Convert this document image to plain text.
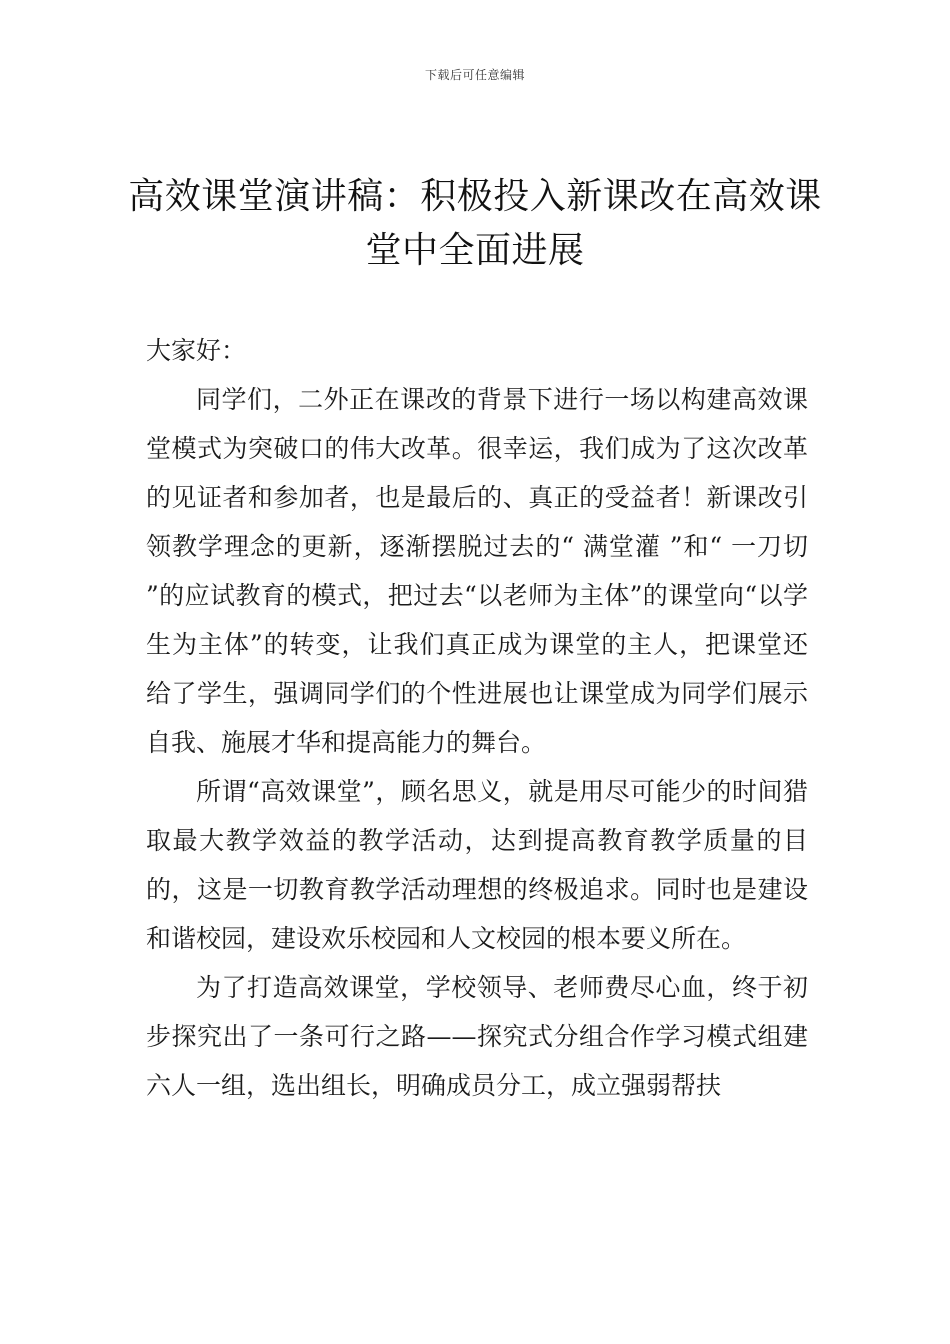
下载后可任意编辑
高效课堂演讲稿：积极投入新课改在高效课堂中全面进展

大家好：

同学们，二外正在课改的背景下进行一场以构建高效课堂模式为突破口的伟大改革。很幸运，我们成为了这次改革的见证者和参加者，也是最后的、真正的受益者！新课改引领教学理念的更新，逐渐摆脱过去的“ 满堂灌 ”和“ 一刀切 ”的应试教育的模式，把过去“以老师为主体”的课堂向“以学生为主体”的转变，让我们真正成为课堂的主人，把课堂还给了学生，强调同学们的个性进展也让课堂成为同学们展示自我、施展才华和提高能力的舞台。

所谓“高效课堂”，顾名思义，就是用尽可能少的时间猎取最大教学效益的教学活动，达到提高教育教学质量的目的，这是一切教育教学活动理想的终极追求。同时也是建设和谐校园，建设欢乐校园和人文校园的根本要义所在。

为了打造高效课堂，学校领导、老师费尽心血，终于初步探究出了一条可行之路——探究式分组合作学习模式组建六人一组，选出组长，明确成员分工，成立强弱帮扶
